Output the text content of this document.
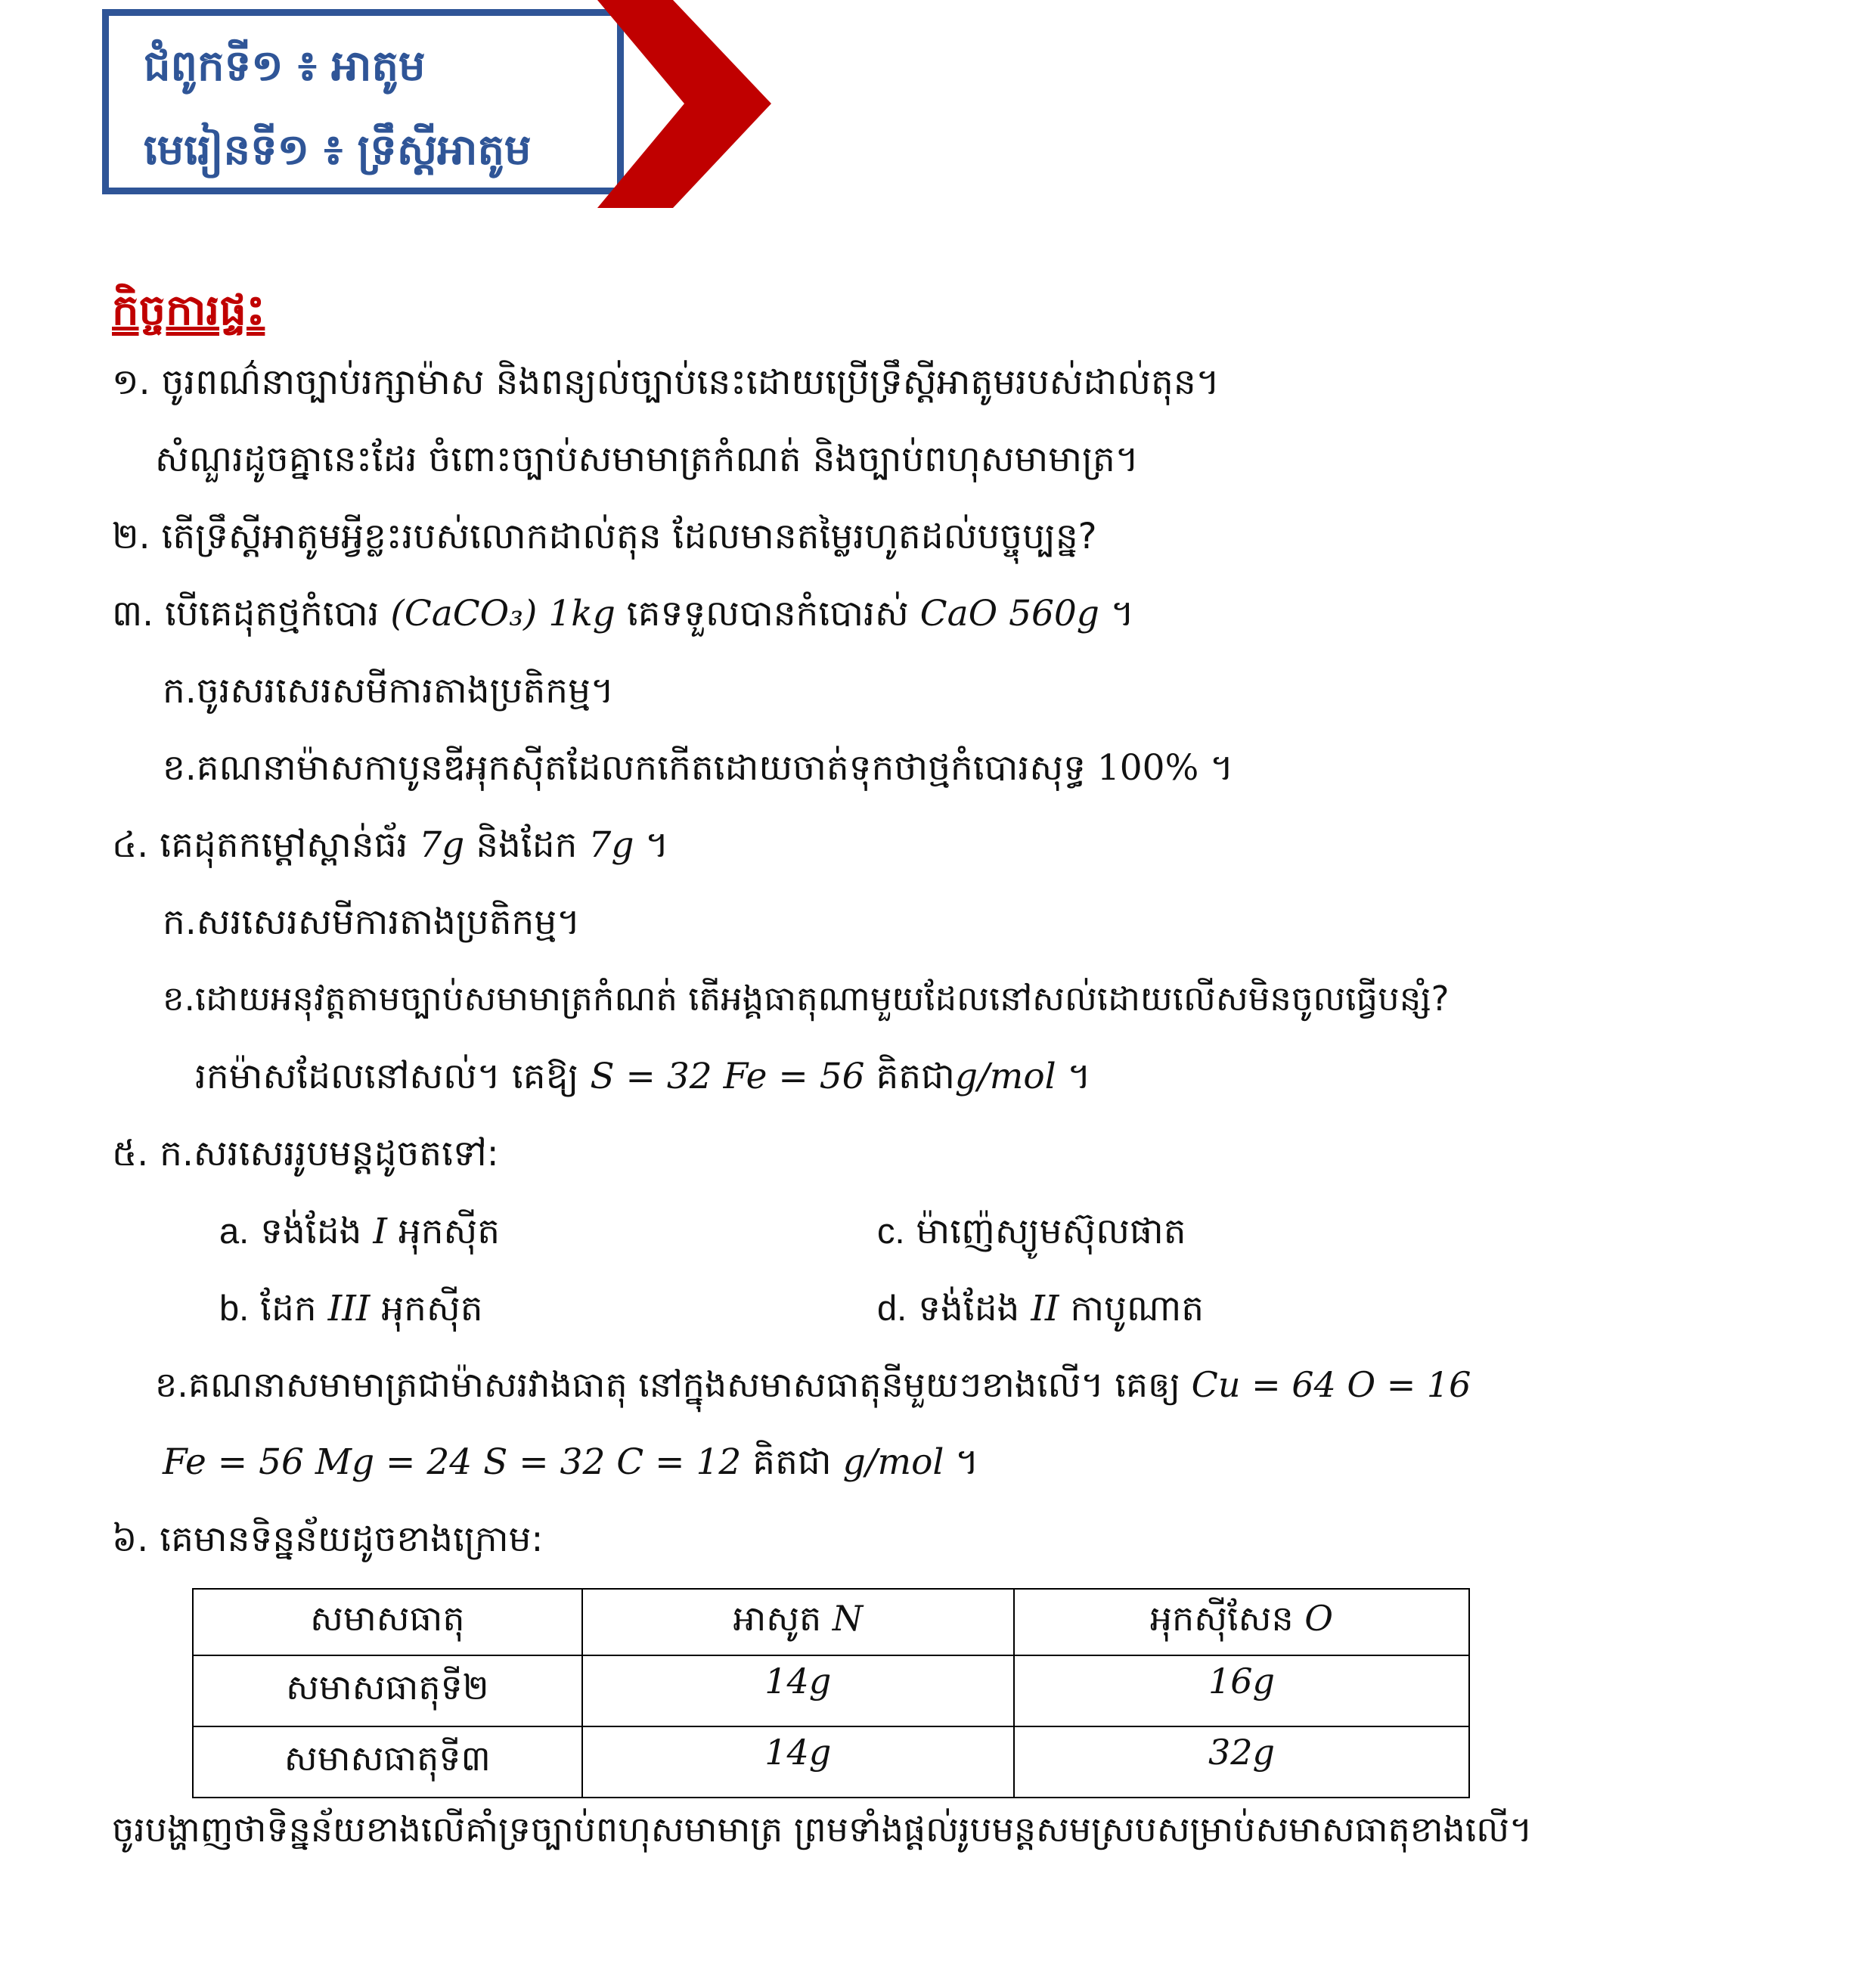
ជំពូកទី១ ៖ អាតូម
មេរៀនទី១ ៖ ទ្រឹស្តីអាតូម
កិច្ចការផ្ទះ
១. ចូរពណ៌នាច្បាប់រក្សាម៉ាស និងពន្យល់ច្បាប់នេះដោយប្រើទ្រឹស្តីអាតូមរបស់ដាល់តុន។
សំណួរដូចគ្នានេះដែរ ចំពោះច្បាប់សមាមាត្រកំណត់ និងច្បាប់ពហុសមាមាត្រ។
២. តើទ្រឹស្តីអាតូមអ្វីខ្លះរបស់លោកដាល់តុន ដែលមានតម្លៃរហូតដល់បច្ចុប្បន្ន?
៣. បើគេដុតថ្មកំបោរ (CaCO₃) 1kg គេទទួលបានកំបោរស់ CaO 560g ។
ក.ចូរសរសេរសមីការតាងប្រតិកម្ម។
ខ.គណនាម៉ាសកាបូនឌីអុកស៊ីតដែលកកើតដោយចាត់ទុកថាថ្មកំបោរសុទ្ធ 100% ។
៤. គេដុតកម្ដៅស្ពាន់ធ័រ 7g និងដែក 7g ។
ក.សរសេរសមីការតាងប្រតិកម្ម។
ខ.ដោយអនុវត្តតាមច្បាប់សមាមាត្រកំណត់ តើអង្គធាតុណាមួយដែលនៅសល់ដោយលើសមិនចូលធ្វើបន្សំ?
រកម៉ាសដែលនៅសល់។ គេឱ្យ S = 32 Fe = 56 គិតជាg/mol ។
៥. ក.សរសេររូបមន្តដូចតទៅ:
a. ទង់ដែង I អុកស៊ីត	c. ម៉ាញ៉េស្យូមស៊ុលផាត
b. ដែក III អុកស៊ីត	d. ទង់ដែង II កាបូណាត
ខ.គណនាសមាមាត្រជាម៉ាសរវាងធាតុ នៅក្នុងសមាសធាតុនីមួយៗខាងលើ។ គេឲ្យ Cu = 64 O = 16
Fe = 56 Mg = 24 S = 32 C = 12 គិតជា g/mol ។
៦. គេមានទិន្នន័យដូចខាងក្រោម:
សមាសធាតុ	អាសូត N	អុកស៊ីសែន O
សមាសធាតុទី២	14g	16g
សមាសធាតុទី៣	14g	32g
ចូរបង្ហាញថាទិន្នន័យខាងលើគាំទ្រច្បាប់ពហុសមាមាត្រ ព្រមទាំងផ្ដល់រូបមន្តសមស្របសម្រាប់សមាសធាតុខាងលើ។
